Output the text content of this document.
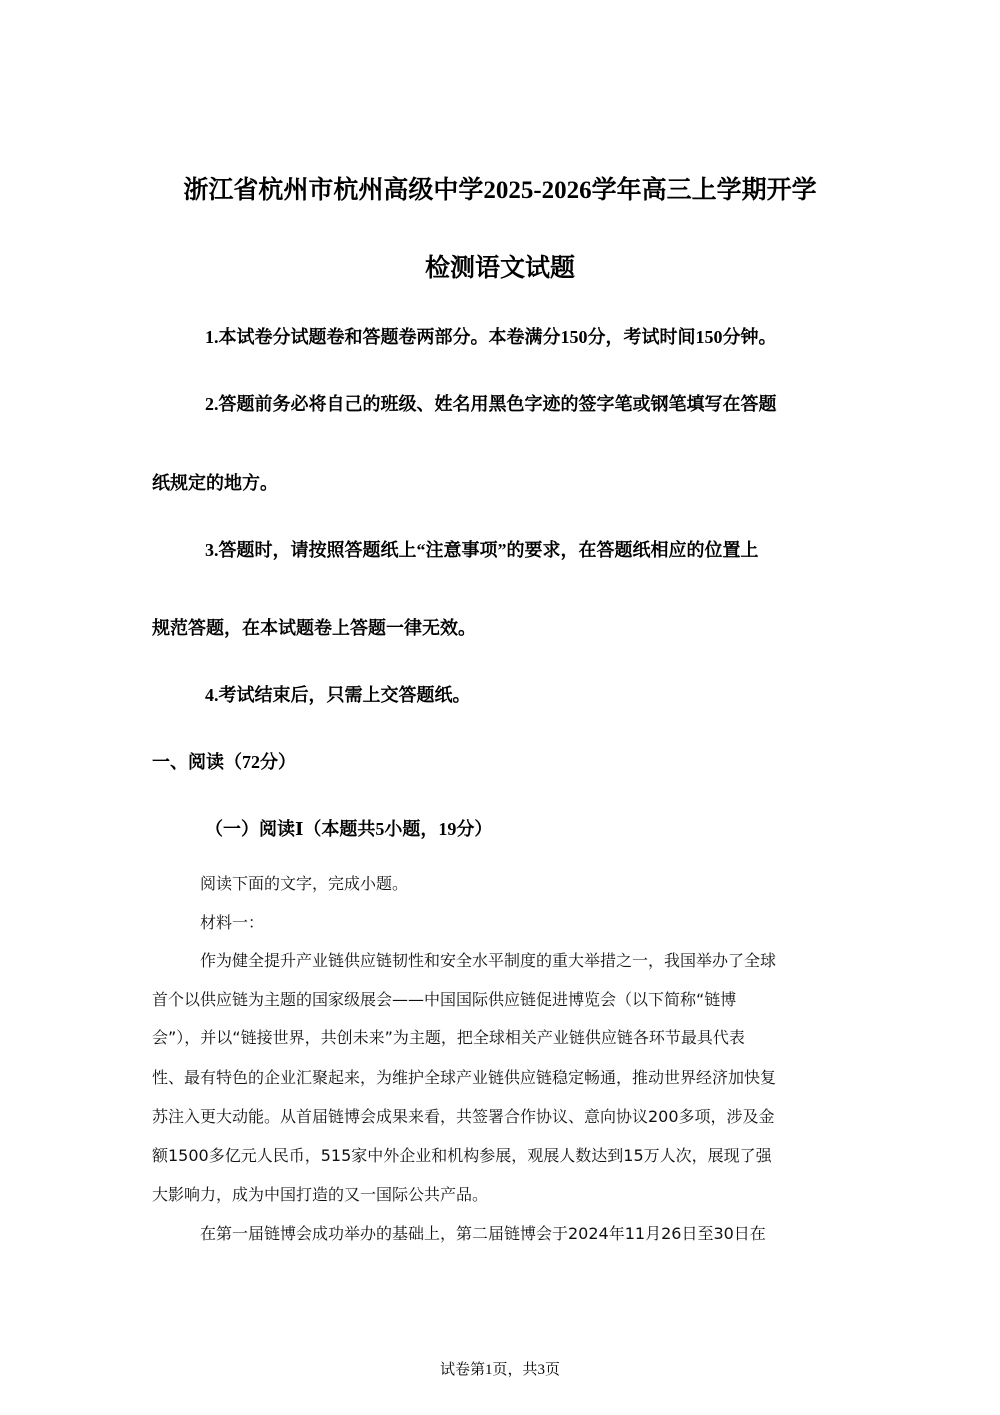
浙江省杭州市杭州高级中学2025-2026学年高三上学期开学
检测语文试题
1.本试卷分试题卷和答题卷两部分。本卷满分150分，考试时间150分钟。
2.答题前务必将自己的班级、姓名用黑色字迹的签字笔或钢笔填写在答题
纸规定的地方。
3.答题时，请按照答题纸上“注意事项”的要求，在答题纸相应的位置上
规范答题，在本试题卷上答题一律无效。
4.考试结束后，只需上交答题纸。
一、阅读（72分）
（一）阅读Ⅰ（本题共5小题，19分）
阅读下面的文字，完成小题。
材料一：
作为健全提升产业链供应链韧性和安全水平制度的重大举措之一，我国举办了全球
首个以供应链为主题的国家级展会——中国国际供应链促进博览会（以下简称“链博
会”），并以“链接世界，共创未来”为主题，把全球相关产业链供应链各环节最具代表
性、最有特色的企业汇聚起来，为维护全球产业链供应链稳定畅通，推动世界经济加快复
苏注入更大动能。从首届链博会成果来看，共签署合作协议、意向协议200多项，涉及金
额1500多亿元人民币，515家中外企业和机构参展，观展人数达到15万人次，展现了强
大影响力，成为中国打造的又一国际公共产品。
在第一届链博会成功举办的基础上，第二届链博会于2024年11月26日至30日在
试卷第1页，共3页
